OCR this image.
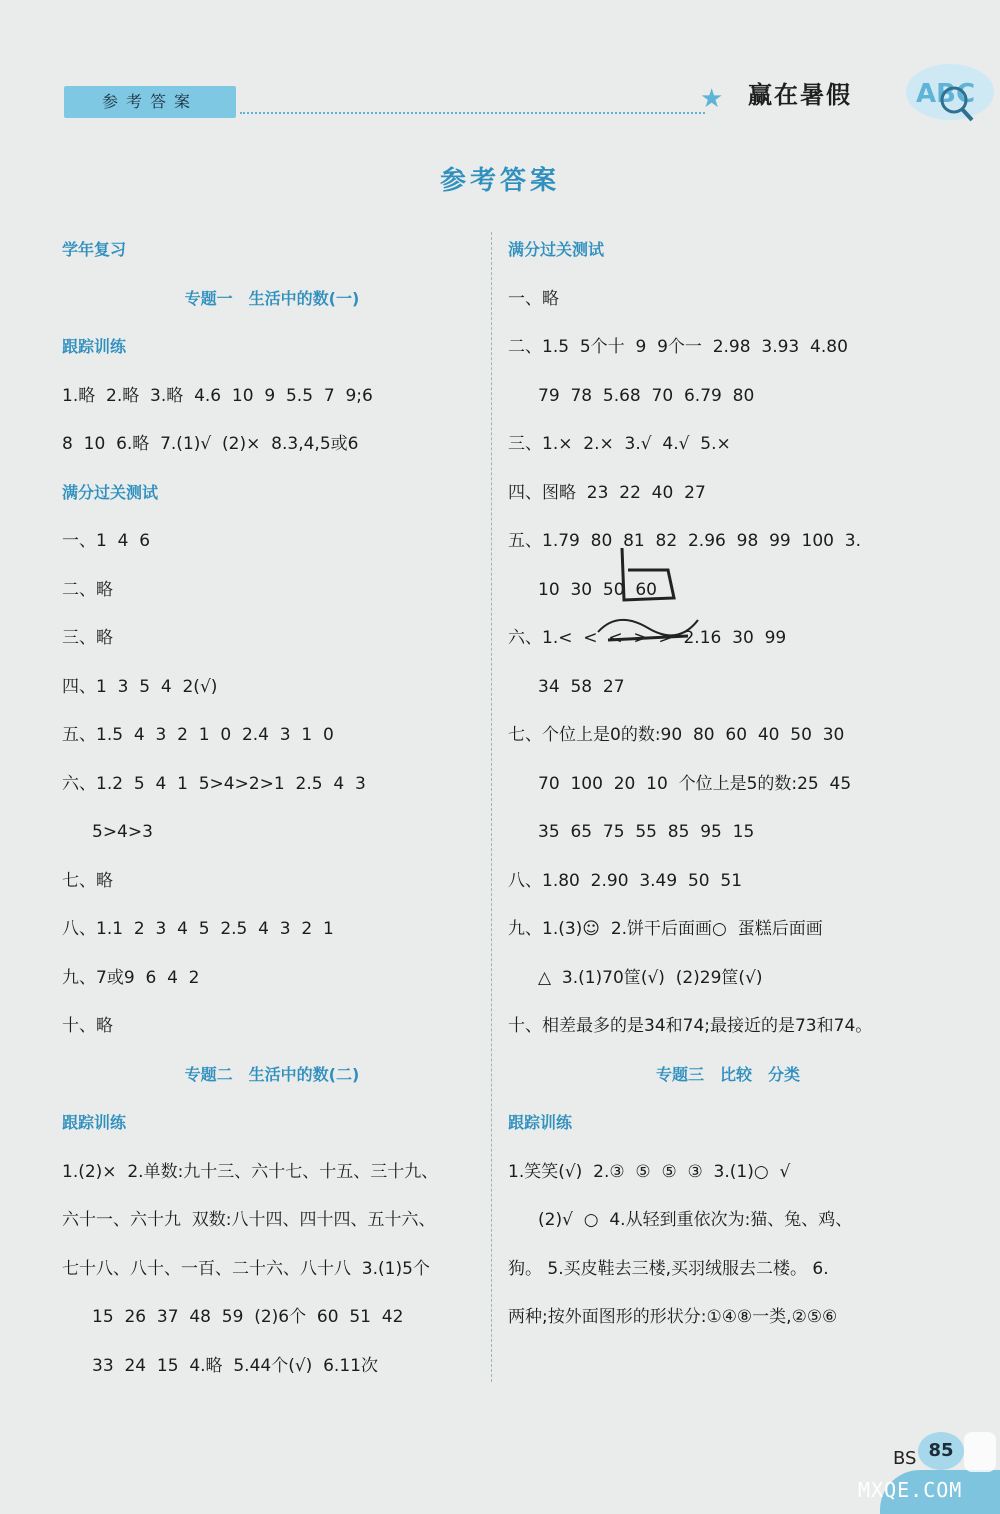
参考答案	★ 赢在暑假 ABC
参考答案
学年复习
专题一　生活中的数(一)
跟踪训练
1.略  2.略  3.略  4.6  10  9  5.5  7  9;6
8  10  6.略  7.(1)√  (2)×  8.3,4,5或6
满分过关测试
一、1  4  6
二、略
三、略
四、1  3  5  4  2(√)
五、1.5  4  3  2  1  0  2.4  3  1  0
六、1.2  5  4  1  5>4>2>1  2.5  4  3
5>4>3
七、略
八、1.1  2  3  4  5  2.5  4  3  2  1
九、7或9  6  4  2
十、略
专题二　生活中的数(二)
跟踪训练
1.(2)×  2.单数:九十三、六十七、十五、三十九、
六十一、六十九  双数:八十四、四十四、五十六、
七十八、八十、一百、二十六、八十八  3.(1)5个
15  26  37  48  59  (2)6个  60  51  42
33  24  15  4.略  5.44个(√)  6.11次
满分过关测试
一、略
二、1.5  5个十  9  9个一  2.98  3.93  4.80
79  78  5.68  70  6.79  80
三、1.×  2.×  3.√  4.√  5.×
四、图略  23  22  40  27
五、1.79  80  81  82  2.96  98  99  100  3.
10  30  50  60
六、1.<  <  <  >  >  2.16  30  99
34  58  27
七、个位上是0的数:90  80  60  40  50  30
70  100  20  10  个位上是5的数:25  45
35  65  75  55  85  95  15
八、1.80  2.90  3.49  50  51
九、1.(3)☺  2.饼干后面画○  蛋糕后面画
△  3.(1)70筐(√)  (2)29筐(√)
十、相差最多的是34和74;最接近的是73和74。
专题三　比较　分类
跟踪训练
1.笑笑(√)  2.③  ⑤  ⑤  ③  3.(1)○  √
(2)√  ○  4.从轻到重依次为:猫、兔、鸡、
狗。 5.买皮鞋去三楼,买羽绒服去二楼。 6.
两种;按外面图形的形状分:①④⑧一类,②⑤⑥
BS 85
MXQE.COM
